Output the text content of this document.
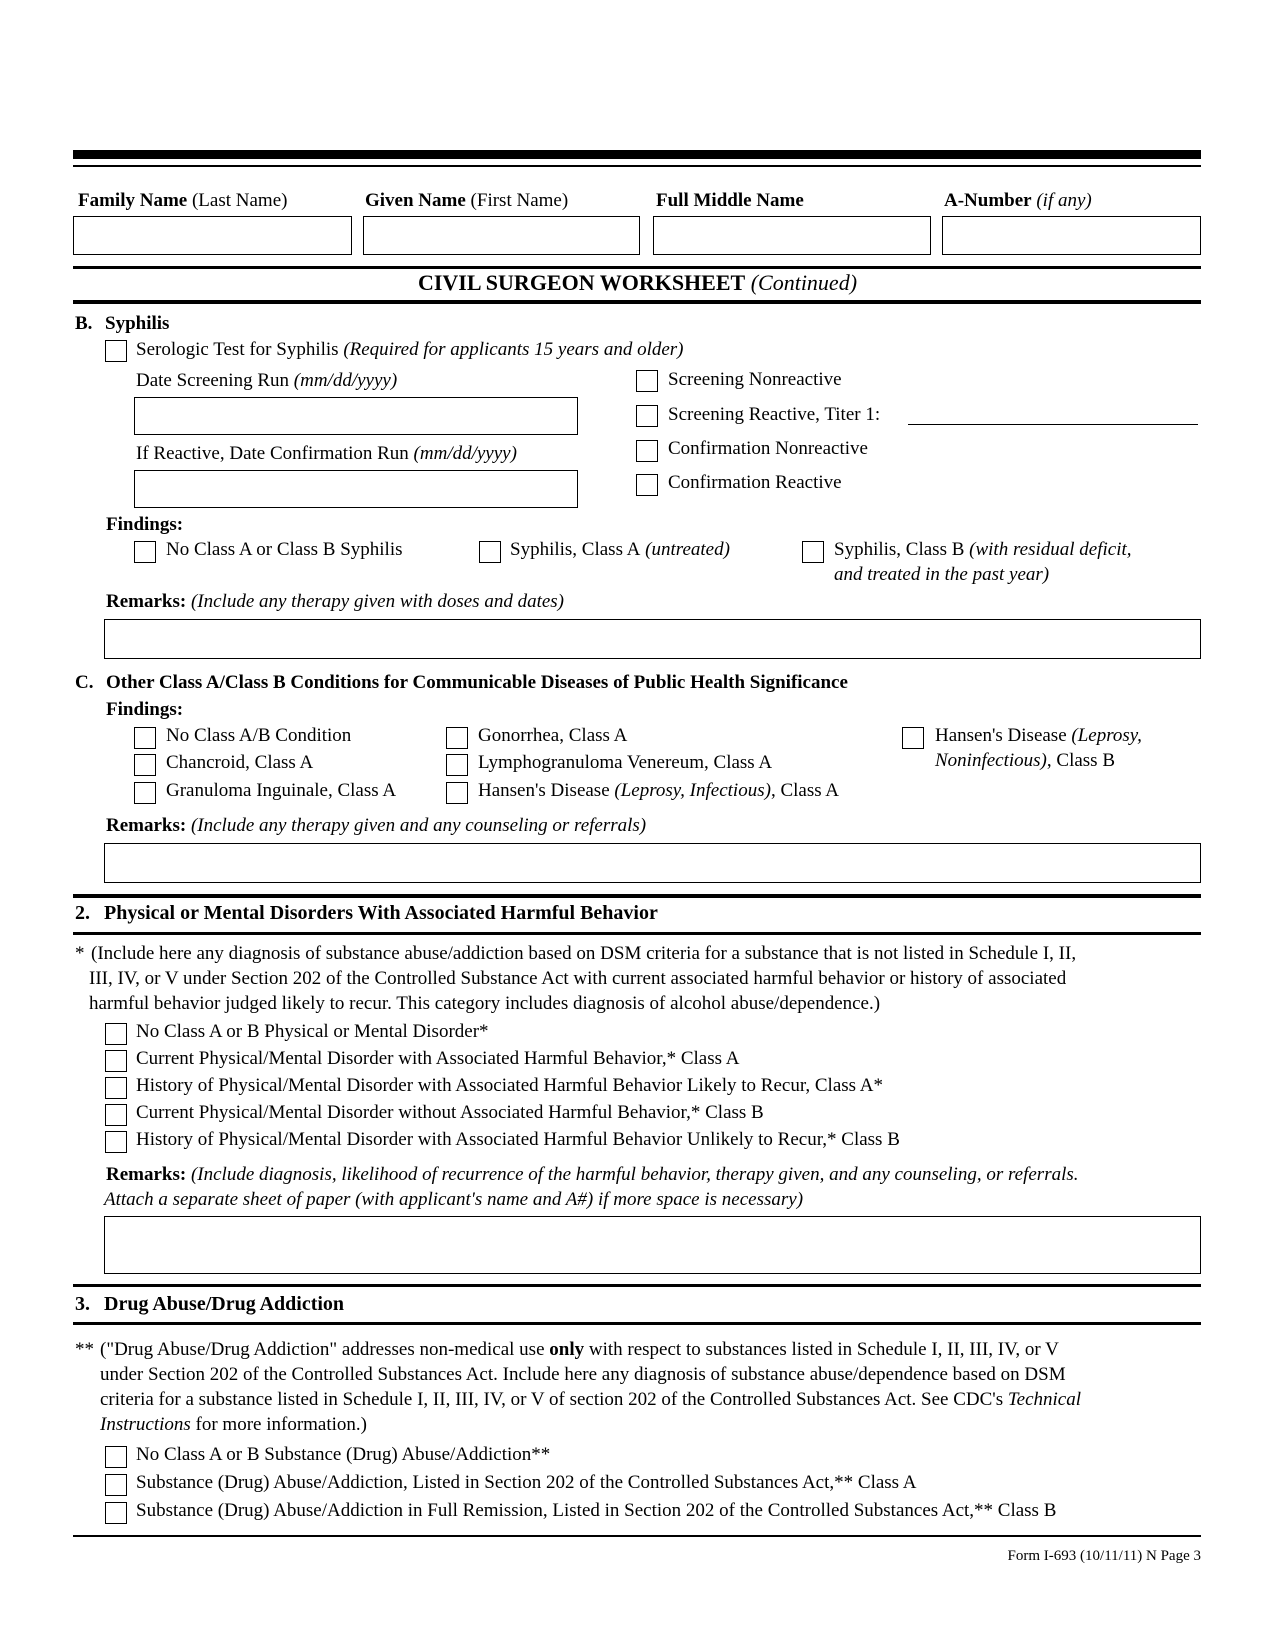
Family Name (Last Name)	Given Name (First Name)	Full Middle Name	A-Number (if any)
CIVIL SURGEON WORKSHEET (Continued)
B. Syphilis
Serologic Test for Syphilis (Required for applicants 15 years and older)
Date Screening Run (mm/dd/yyyy)
If Reactive, Date Confirmation Run (mm/dd/yyyy)
Screening Nonreactive
Screening Reactive, Titer 1:
Confirmation Nonreactive
Confirmation Reactive
Findings:
No Class A or Class B Syphilis	Syphilis, Class A (untreated)	Syphilis, Class B (with residual deficit,
and treated in the past year)
Remarks: (Include any therapy given with doses and dates)
C. Other Class A/Class B Conditions for Communicable Diseases of Public Health Significance
Findings:
No Class A/B Condition
Chancroid, Class A
Granuloma Inguinale, Class A
Gonorrhea, Class A
Lymphogranuloma Venereum, Class A
Hansen's Disease (Leprosy, Infectious), Class A
Hansen's Disease (Leprosy,
Noninfectious), Class B
Remarks: (Include any therapy given and any counseling or referrals)
2. Physical or Mental Disorders With Associated Harmful Behavior
* (Include here any diagnosis of substance abuse/addiction based on DSM criteria for a substance that is not listed in Schedule I, II,
III, IV, or V under Section 202 of the Controlled Substance Act with current associated harmful behavior or history of associated
harmful behavior judged likely to recur. This category includes diagnosis of alcohol abuse/dependence.)
No Class A or B Physical or Mental Disorder*
Current Physical/Mental Disorder with Associated Harmful Behavior,* Class A
History of Physical/Mental Disorder with Associated Harmful Behavior Likely to Recur, Class A*
Current Physical/Mental Disorder without Associated Harmful Behavior,* Class B
History of Physical/Mental Disorder with Associated Harmful Behavior Unlikely to Recur,* Class B
Remarks: (Include diagnosis, likelihood of recurrence of the harmful behavior, therapy given, and any counseling, or referrals.
Attach a separate sheet of paper (with applicant's name and A#) if more space is necessary)
3. Drug Abuse/Drug Addiction
** ("Drug Abuse/Drug Addiction" addresses non-medical use only with respect to substances listed in Schedule I, II, III, IV, or V
under Section 202 of the Controlled Substances Act. Include here any diagnosis of substance abuse/dependence based on DSM
criteria for a substance listed in Schedule I, II, III, IV, or V of section 202 of the Controlled Substances Act. See CDC's Technical
Instructions for more information.)
No Class A or B Substance (Drug) Abuse/Addiction**
Substance (Drug) Abuse/Addiction, Listed in Section 202 of the Controlled Substances Act,** Class A
Substance (Drug) Abuse/Addiction in Full Remission, Listed in Section 202 of the Controlled Substances Act,** Class B
Form I-693 (10/11/11) N Page 3
